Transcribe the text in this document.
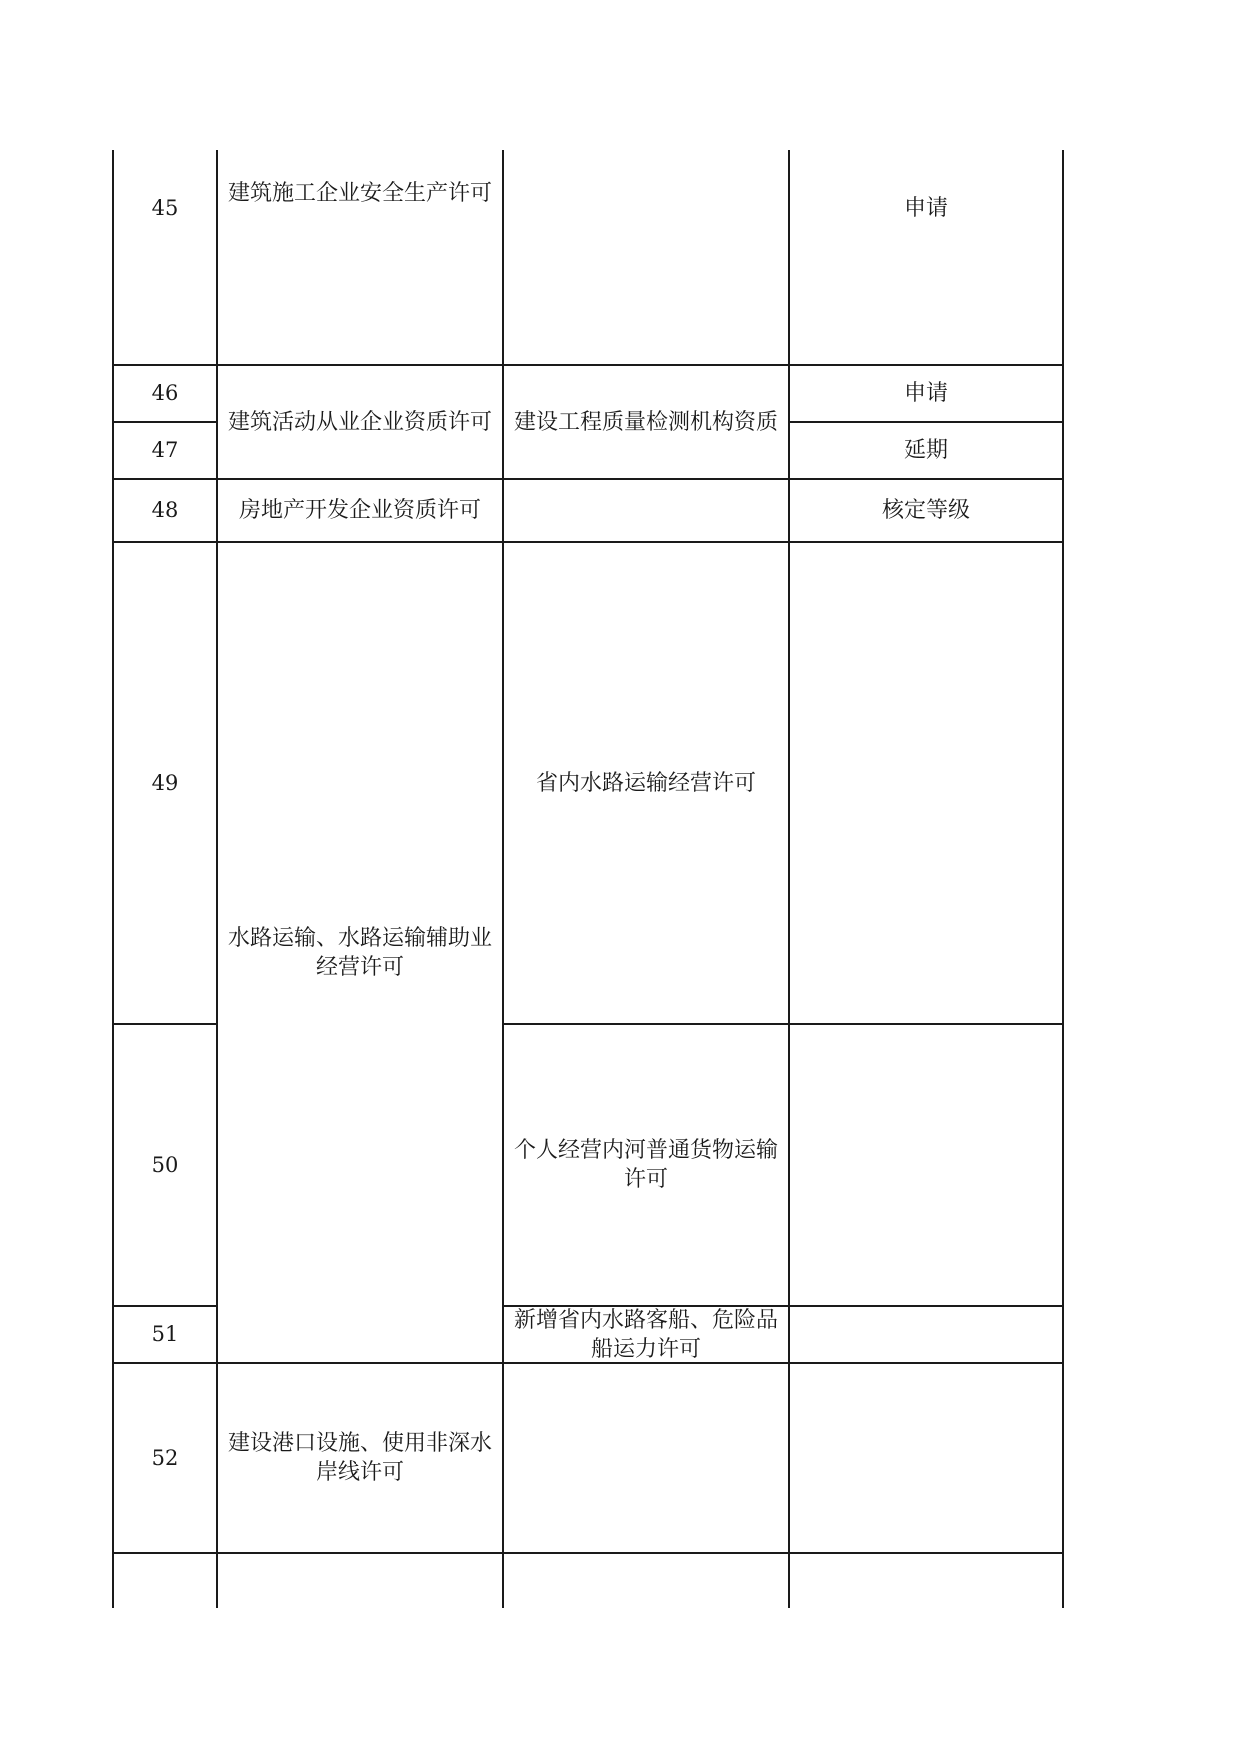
45
建筑施工企业安全生产许可
申请
46
47
建筑活动从业企业资质许可 建设工程质量检测机构资质
申请
延期
48	房地产开发企业资质许可	核定等级
49
水路运输、水路运输辅助业经营许可
省内水路运输经营许可
50
个人经营内河普通货物运输许可
51
新增省内水路客船、危险品船运力许可
52
建设港口设施、使用非深水岸线许可
